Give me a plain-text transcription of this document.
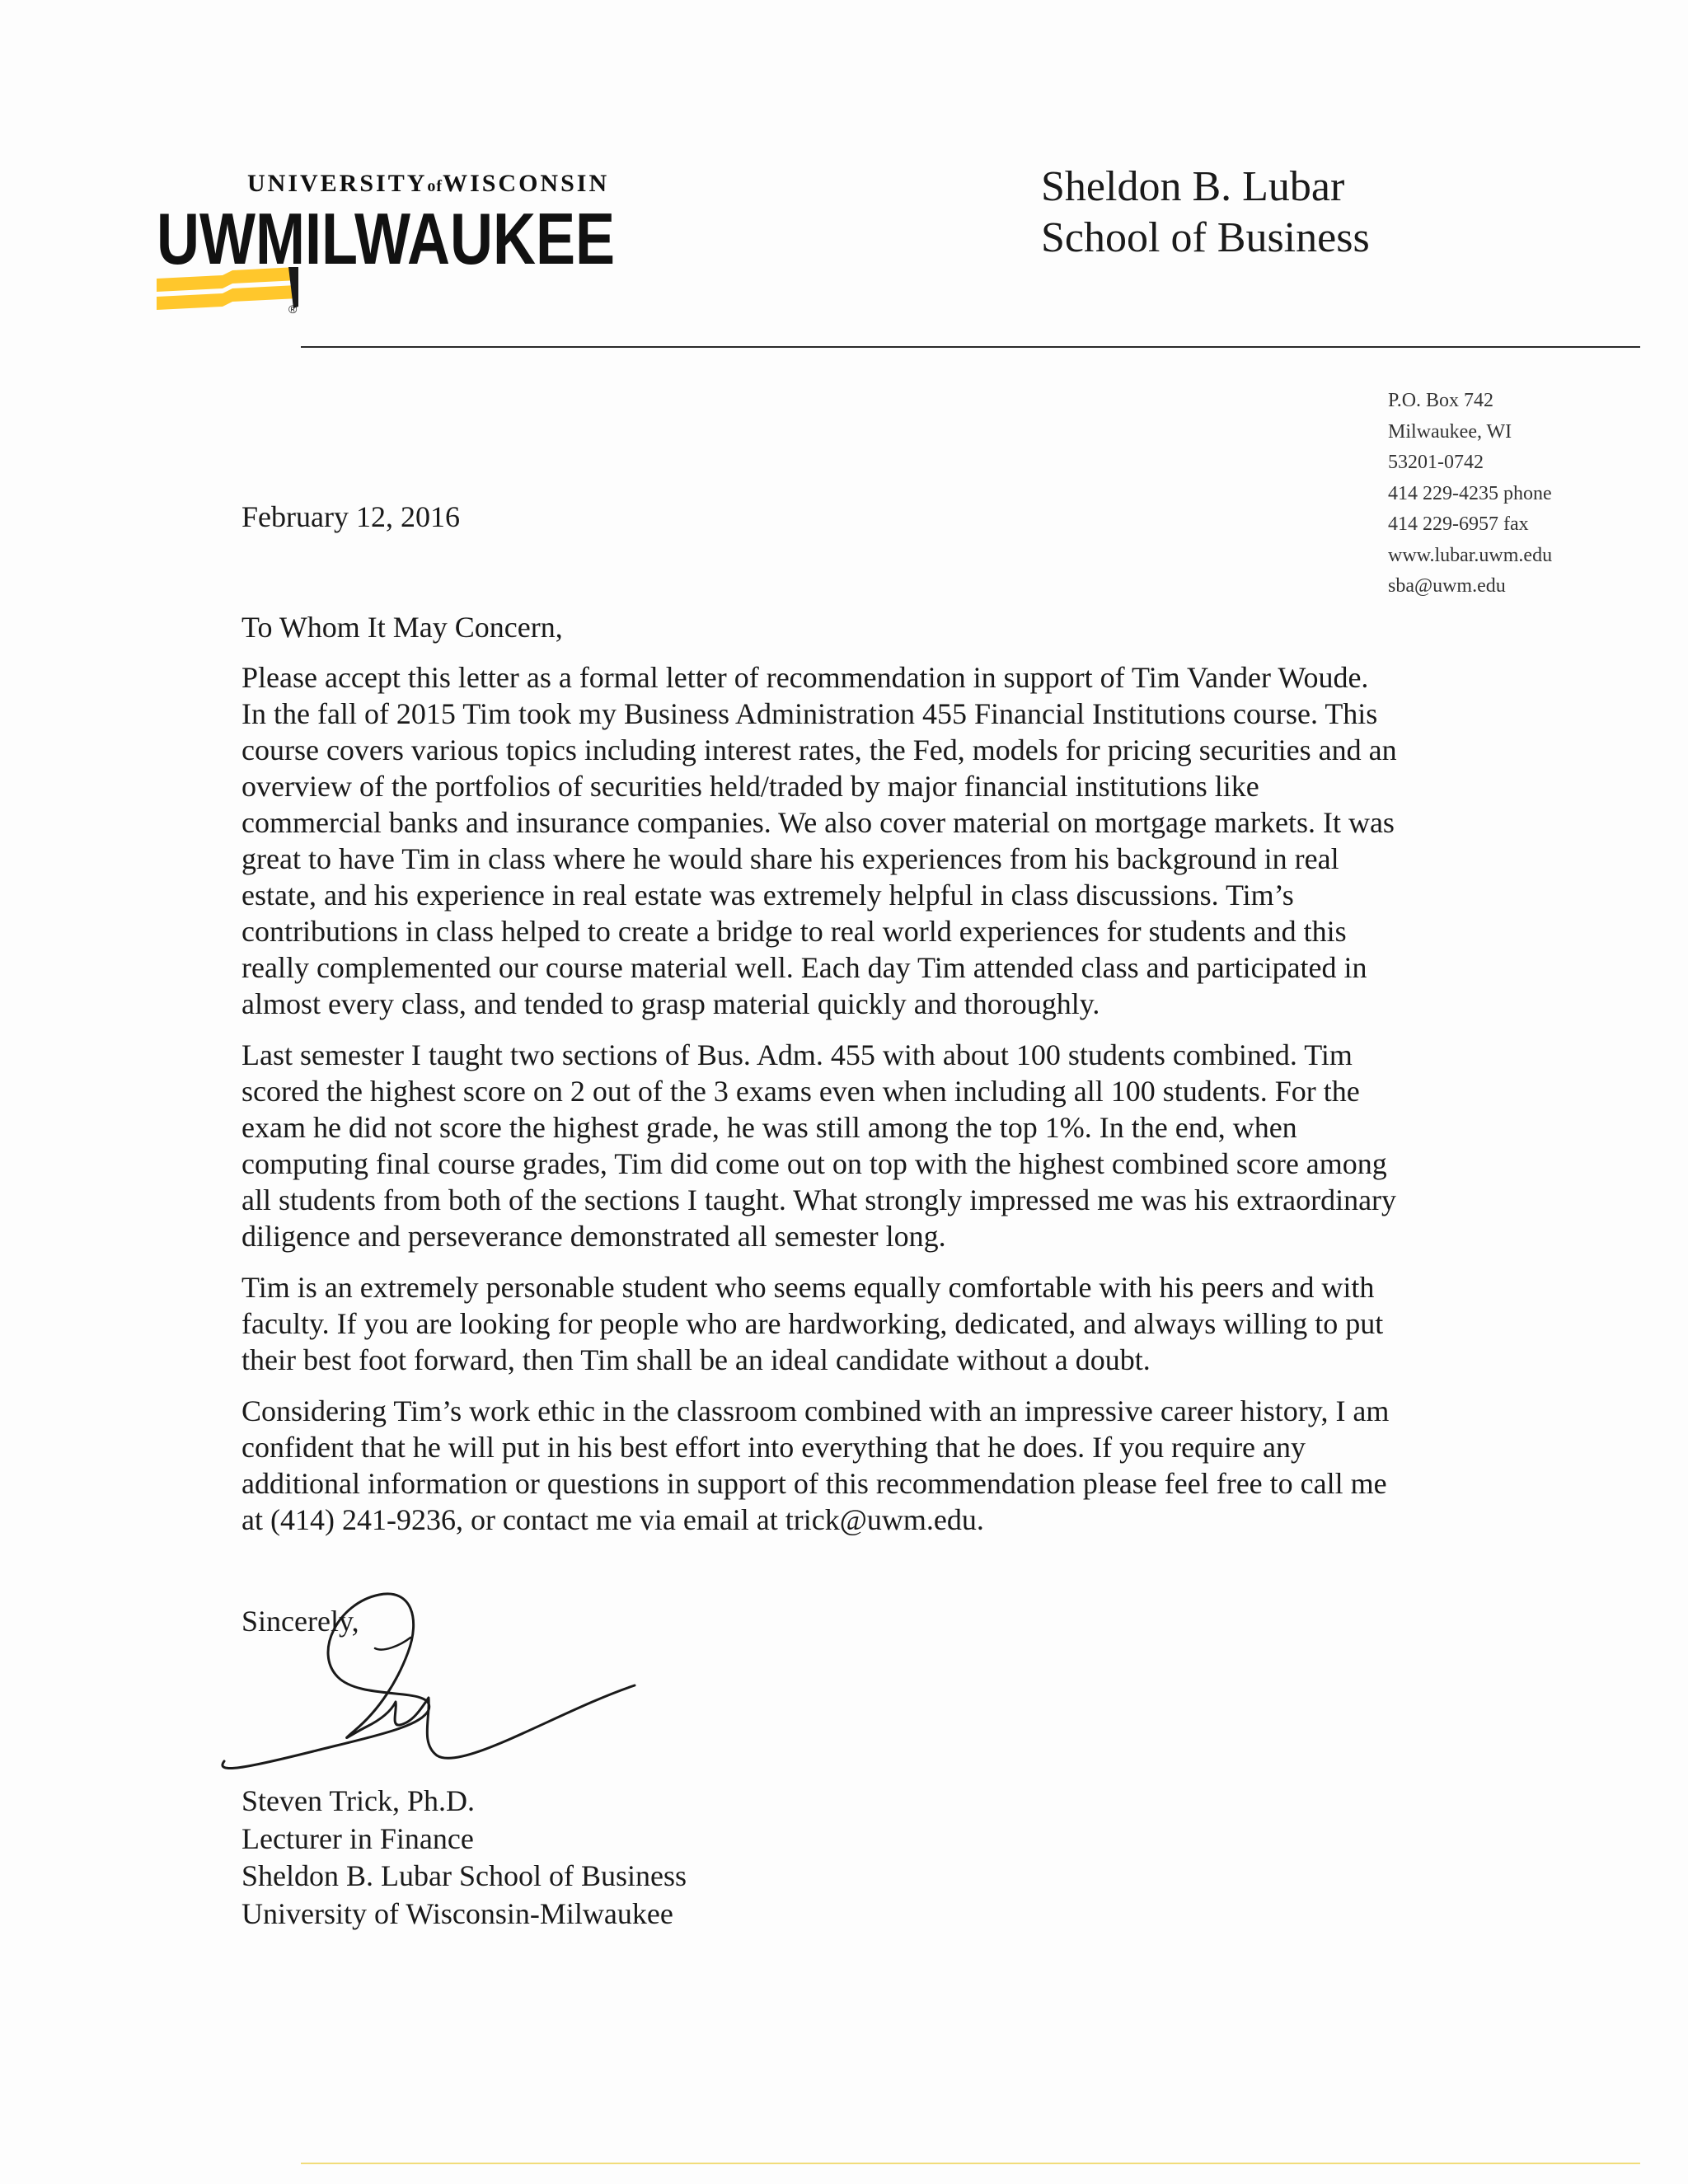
UNIVERSITYofWISCONSIN
UWMILWAUKEE
®
Sheldon B. Lubar
School of Business
P.O. Box 742
Milwaukee, WI
53201-0742
414 229-4235 phone
414 229-6957 fax
www.lubar.uwm.edu
sba@uwm.edu
February 12, 2016
To Whom It May Concern,

Please accept this letter as a formal letter of recommendation in support of Tim Vander Woude.
In the fall of 2015 Tim took my Business Administration 455 Financial Institutions course. This
course covers various topics including interest rates, the Fed, models for pricing securities and an
overview of the portfolios of securities held/traded by major financial institutions like
commercial banks and insurance companies. We also cover material on mortgage markets. It was
great to have Tim in class where he would share his experiences from his background in real
estate, and his experience in real estate was extremely helpful in class discussions. Tim’s
contributions in class helped to create a bridge to real world experiences for students and this
really complemented our course material well. Each day Tim attended class and participated in
almost every class, and tended to grasp material quickly and thoroughly.

Last semester I taught two sections of Bus. Adm. 455 with about 100 students combined. Tim
scored the highest score on 2 out of the 3 exams even when including all 100 students. For the
exam he did not score the highest grade, he was still among the top 1%. In the end, when
computing final course grades, Tim did come out on top with the highest combined score among
all students from both of the sections I taught. What strongly impressed me was his extraordinary
diligence and perseverance demonstrated all semester long.

Tim is an extremely personable student who seems equally comfortable with his peers and with
faculty. If you are looking for people who are hardworking, dedicated, and always willing to put
their best foot forward, then Tim shall be an ideal candidate without a doubt.

Considering Tim’s work ethic in the classroom combined with an impressive career history, I am
confident that he will put in his best effort into everything that he does. If you require any
additional information or questions in support of this recommendation please feel free to call me
at (414) 241-9236, or contact me via email at trick@uwm.edu.

Sincerely,
Steven Trick, Ph.D.
Lecturer in Finance
Sheldon B. Lubar School of Business
University of Wisconsin-Milwaukee
